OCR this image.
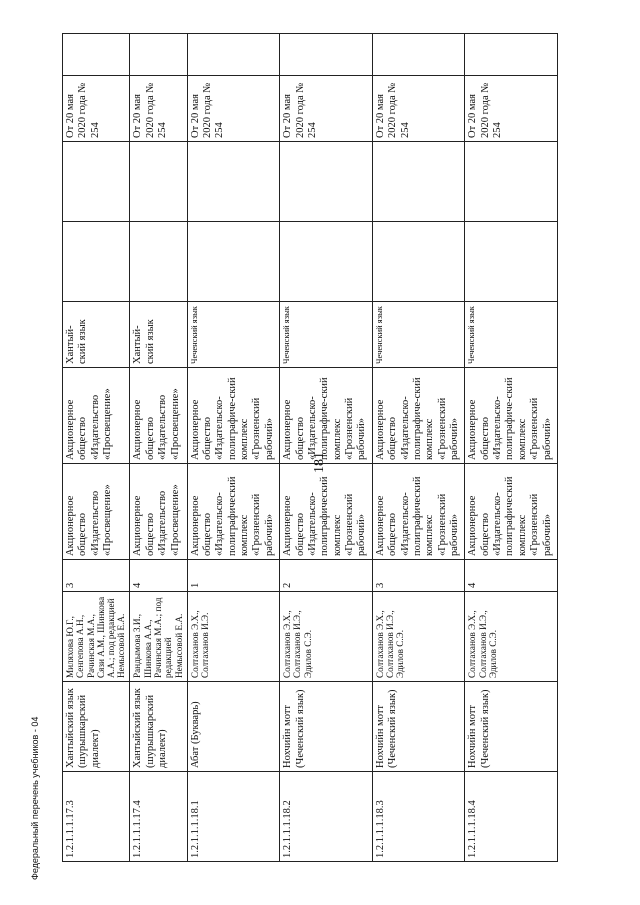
181
Федеральный перечень учебников - 04 1.2.1.1.1.17.3	Хантыйский язык (шурышкарский диалект)	Миляхова Ю.Г., Сенгепова А.Н., Рачинская М.А., Сязи А.М., Шинкова А.А.; под редакцией Немысовой Е.А.	3	Акционерное общество «Издательство «Просвещение»	Акционерное общество «Издательство «Просвещение»	Хантый-ский язык			От 20 мая 2020 года № 254	
1.2.1.1.1.17.4	Хантыйский язык (шурышкарский диалект)	Рандымова З.И., Шинкова А.А., Рачинская М.А.; под редакцией Немысовой Е.А.	4	Акционерное общество «Издательство «Просвещение»	Акционерное общество «Издательство «Просвещение»	Хантый-ский язык			От 20 мая 2020 года № 254	
1.2.1.1.1.18.1	Абат (Букварь)	Солтаханов Э.Х., Солтаханов И.Э.	1	Акционерное общество «Издательско-полиграфический комплекс «Грозненский рабочий»	Акционерное общество «Издательско-полиграфиче-ский комплекс «Грозненский рабочий»	Чеченский язык			От 20 мая 2020 года № 254	
1.2.1.1.1.18.2	Нохчийн мотт (Чеченский язык)	Солтаханов Э.Х., Солтаханов И.Э., Эдилов С.Э.	2	Акционерное общество «Издательско-полиграфический комплекс «Грозненский рабочий»	Акционерное общество «Издательско-полиграфиче-ский комплекс «Грозненский рабочий»	Чеченский язык			От 20 мая 2020 года № 254	
1.2.1.1.1.18.3	Нохчийн мотт (Чеченский язык)	Солтаханов Э.Х., Солтаханов И.Э., Эдилов С.Э.	3	Акционерное общество «Издательско-полиграфический комплекс «Грозненский рабочий»	Акционерное общество «Издательско-полиграфиче-ский комплекс «Грозненский рабочий»	Чеченский язык			От 20 мая 2020 года № 254	
1.2.1.1.1.18.4	Нохчийн мотт (Чеченский язык)	Солтаханов Э.Х., Солтаханов И.Э., Эдилов С.Э.	4	Акционерное общество «Издательско-полиграфический комплекс «Грозненский рабочий»	Акционерное общество «Издательско-полиграфиче-ский комплекс «Грозненский рабочий»	Чеченский язык			От 20 мая 2020 года № 254	
